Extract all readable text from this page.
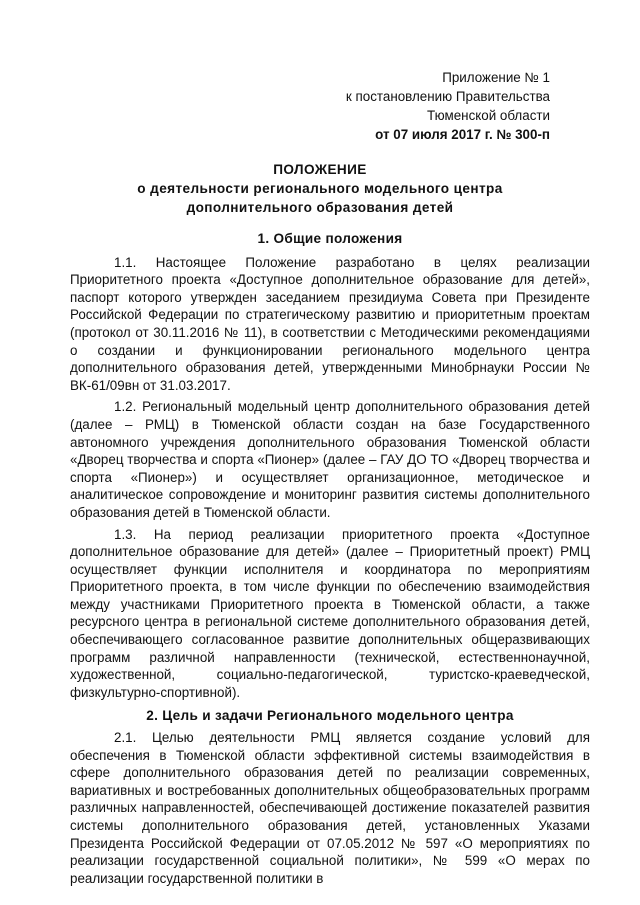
Приложение № 1
к постановлению Правительства
Тюменской области
от 07 июля 2017 г. № 300-п
ПОЛОЖЕНИЕ
о деятельности регионального модельного центра
дополнительного образования детей
1. Общие положения

1.1. Настоящее Положение разработано в целях реализации Приоритетного проекта «Доступное дополнительное образование для детей», паспорт которого утвержден заседанием президиума Совета при Президенте Российской Федерации по стратегическому развитию и приоритетным проектам (протокол от 30.11.2016 № 11), в соответствии с Методическими рекомендациями о создании и функционировании регионального модельного центра дополнительного образования детей, утвержденными Минобрнауки России № ВК-61/09вн от 31.03.2017.

1.2. Региональный модельный центр дополнительного образования детей (далее – РМЦ) в Тюменской области создан на базе Государственного автономного учреждения дополнительного образования Тюменской области «Дворец творчества и спорта «Пионер» (далее – ГАУ ДО ТО «Дворец творчества и спорта «Пионер») и осуществляет организационное, методическое и аналитическое сопровождение и мониторинг развития системы дополнительного образования детей в Тюменской области.

1.3. На период реализации приоритетного проекта «Доступное дополнительное образование для детей» (далее – Приоритетный проект) РМЦ осуществляет функции исполнителя и координатора по мероприятиям Приоритетного проекта, в том числе функции по обеспечению взаимодействия между участниками Приоритетного проекта в Тюменской области, а также ресурсного центра в региональной системе дополнительного образования детей, обеспечивающего согласованное развитие дополнительных общеразвивающих программ различной направленности (технической, естественнонаучной, художественной, социально-педагогической, туристско-краеведческой, физкультурно-спортивной).

2. Цель и задачи Регионального модельного центра

2.1. Целью деятельности РМЦ является создание условий для обеспечения в Тюменской области эффективной системы взаимодействия в сфере дополнительного образования детей по реализации современных, вариативных и востребованных дополнительных общеобразовательных программ различных направленностей, обеспечивающей достижение показателей развития системы дополнительного образования детей, установленных Указами Президента Российской Федерации от 07.05.2012 № 597 «О мероприятиях по реализации государственной социальной политики», № 599 «О мерах по реализации государственной политики в
